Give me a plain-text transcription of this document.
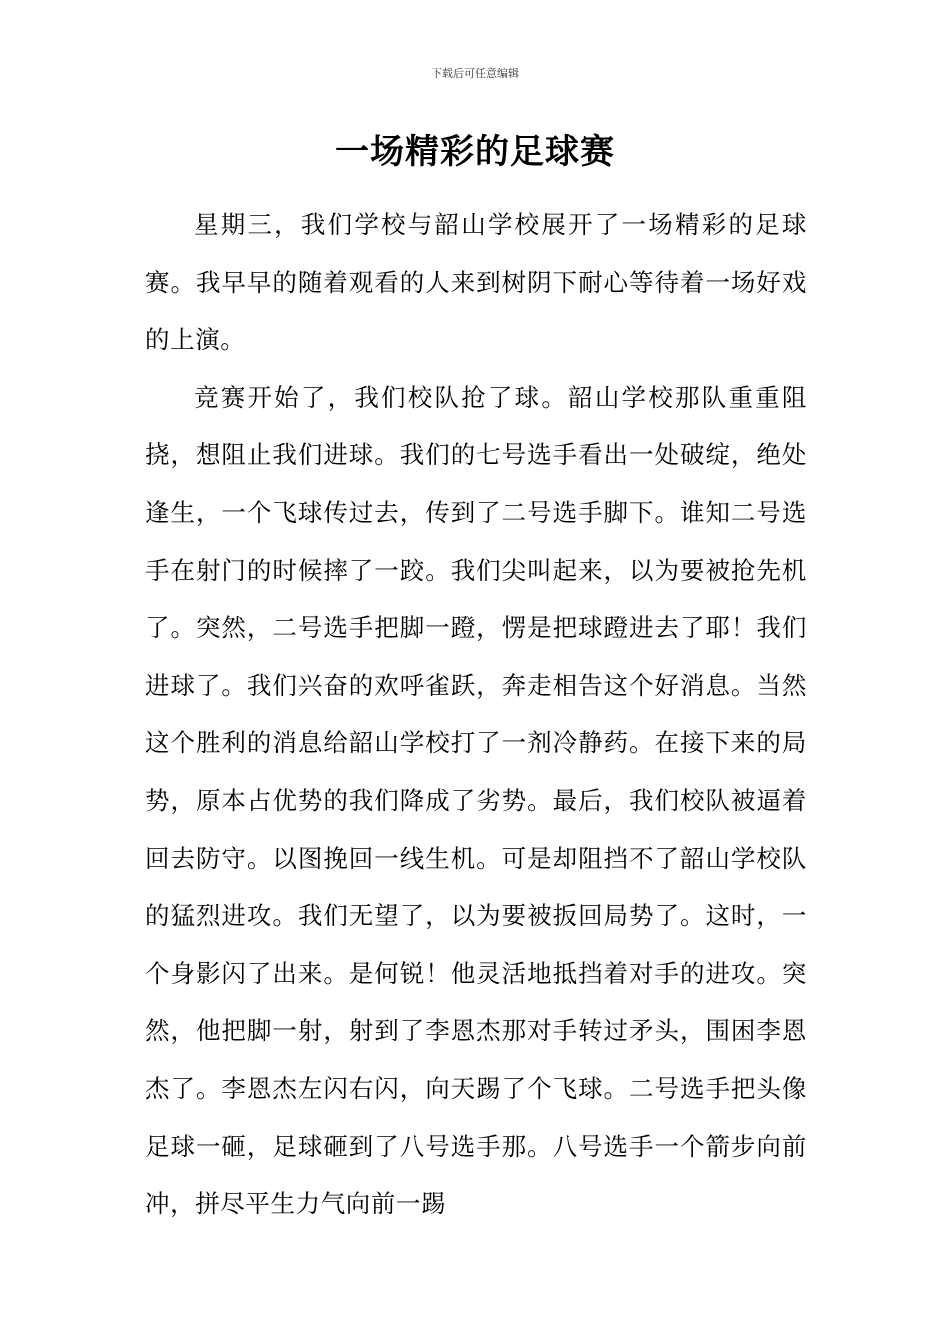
下载后可任意编辑
一场精彩的足球赛

星期三，我们学校与韶山学校展开了一场精彩的足球赛。我早早的随着观看的人来到树阴下耐心等待着一场好戏的上演。

竞赛开始了，我们校队抢了球。韶山学校那队重重阻挠，想阻止我们进球。我们的七号选手看出一处破绽，绝处逢生，一个飞球传过去，传到了二号选手脚下。谁知二号选手在射门的时候摔了一跤。我们尖叫起来，以为要被抢先机了。突然，二号选手把脚一蹬，愣是把球蹬进去了耶！我们进球了。我们兴奋的欢呼雀跃，奔走相告这个好消息。当然这个胜利的消息给韶山学校打了一剂冷静药。在接下来的局势，原本占优势的我们降成了劣势。最后，我们校队被逼着回去防守。以图挽回一线生机。可是却阻挡不了韶山学校队的猛烈进攻。我们无望了，以为要被扳回局势了。这时，一个身影闪了出来。是何锐！他灵活地抵挡着对手的进攻。突然，他把脚一射，射到了李恩杰那对手转过矛头，围困李恩杰了。李恩杰左闪右闪，向天踢了个飞球。二号选手把头像足球一砸，足球砸到了八号选手那。八号选手一个箭步向前冲，拼尽平生力气向前一踢
